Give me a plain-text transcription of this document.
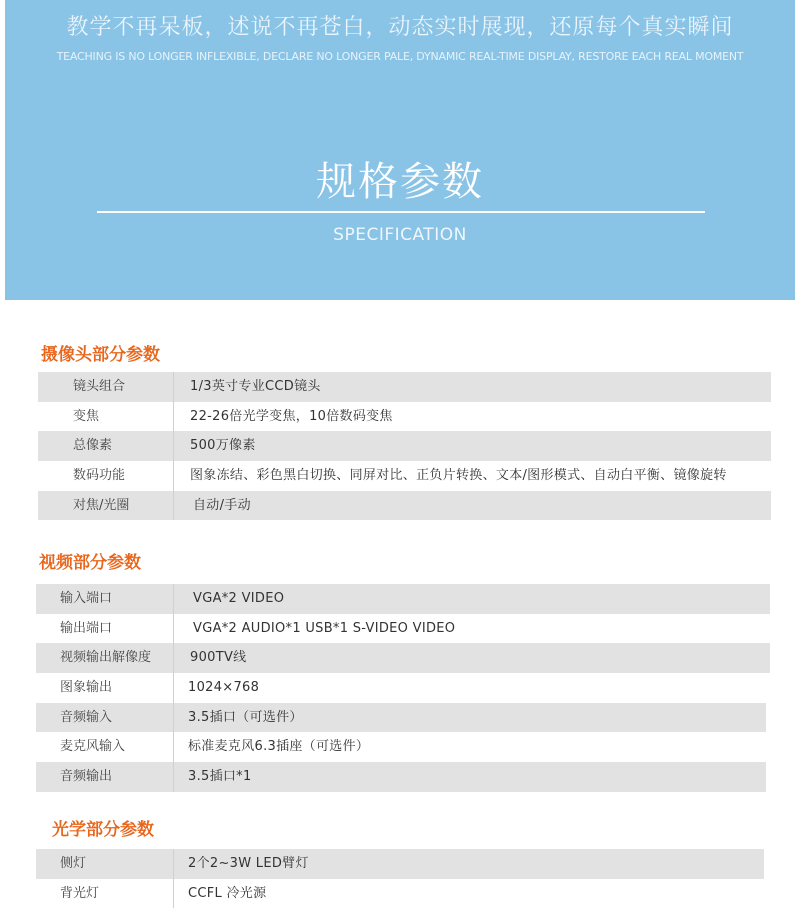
教学不再呆板，述说不再苍白，动态实时展现，还原每个真实瞬间
TEACHING IS NO LONGER INFLEXIBLE, DECLARE NO LONGER PALE, DYNAMIC REAL-TIME DISPLAY, RESTORE EACH REAL MOMENT
规格参数
SPECIFICATION
摄像头部分参数
镜头组合	1/3英寸专业CCD镜头
变焦	22-26倍光学变焦，10倍数码变焦
总像素	500万像素
数码功能	图象冻结、彩色黑白切换、同屏对比、正负片转换、文本/图形模式、自动白平衡、镜像旋转
对焦/光圈	自动/手动
视频部分参数
输入端口	VGA*2 VIDEO
输出端口	VGA*2 AUDIO*1 USB*1 S-VIDEO VIDEO
视频输出解像度	900TV线
图象输出	1024×768
音频输入	3.5插口（可选件）
麦克风输入	标准麦克风6.3插座（可选件）
音频输出	3.5插口*1
光学部分参数
侧灯	2个2~3W LED臂灯
背光灯	CCFL 冷光源
